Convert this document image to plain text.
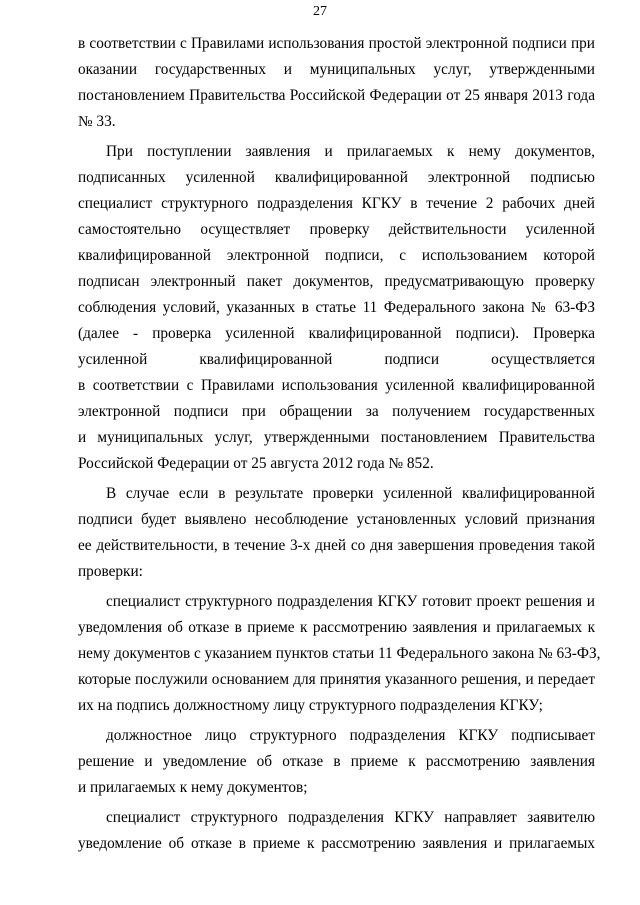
27
в соответствии с Правилами использования простой электронной подписи при
оказании государственных и муниципальных услуг, утвержденными
постановлением Правительства Российской Федерации от 25 января 2013 года
№ 33.
При поступлении заявления и прилагаемых к нему документов,
подписанных усиленной квалифицированной электронной подписью
специалист структурного подразделения КГКУ в течение 2 рабочих дней
самостоятельно осуществляет проверку действительности усиленной
квалифицированной электронной подписи, с использованием которой
подписан электронный пакет документов, предусматривающую проверку
соблюдения условий, указанных в статье 11 Федерального закона № 63-ФЗ
(далее - проверка усиленной квалифицированной подписи). Проверка
усиленной квалифицированной подписи осуществляется
в соответствии с Правилами использования усиленной квалифицированной
электронной подписи при обращении за получением государственных
и муниципальных услуг, утвержденными постановлением Правительства
Российской Федерации от 25 августа 2012 года № 852.
В случае если в результате проверки усиленной квалифицированной
подписи будет выявлено несоблюдение установленных условий признания
ее действительности, в течение 3-х дней со дня завершения проведения такой
проверки:
специалист структурного подразделения КГКУ готовит проект решения и
уведомления об отказе в приеме к рассмотрению заявления и прилагаемых к
нему документов с указанием пунктов статьи 11 Федерального закона № 63-ФЗ,
которые послужили основанием для принятия указанного решения, и передает
их на подпись должностному лицу структурного подразделения КГКУ;
должностное лицо структурного подразделения КГКУ подписывает
решение и уведомление об отказе в приеме к рассмотрению заявления
и прилагаемых к нему документов;
специалист структурного подразделения КГКУ направляет заявителю
уведомление об отказе в приеме к рассмотрению заявления и прилагаемых
